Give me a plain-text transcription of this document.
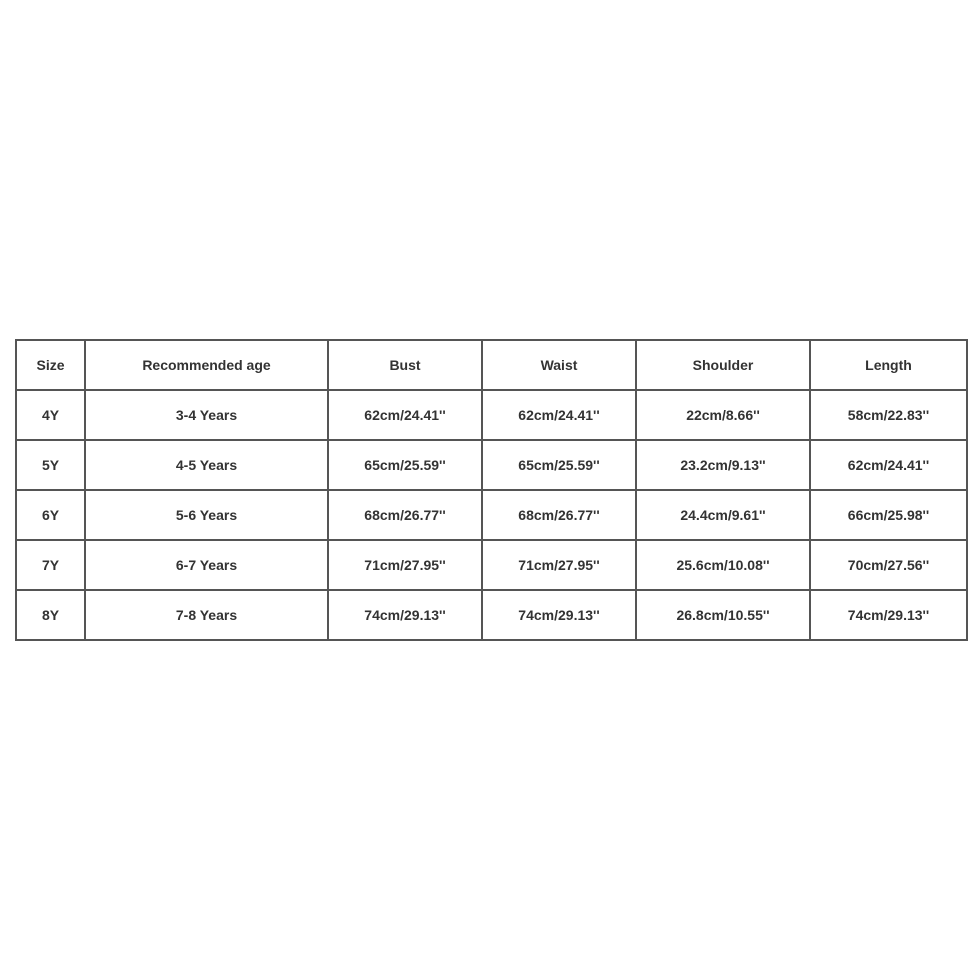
Size	Recommended age	Bust	Waist	Shoulder	Length
4Y	3-4 Years	62cm/24.41''	62cm/24.41''	22cm/8.66''	58cm/22.83''
5Y	4-5 Years	65cm/25.59''	65cm/25.59''	23.2cm/9.13''	62cm/24.41''
6Y	5-6 Years	68cm/26.77''	68cm/26.77''	24.4cm/9.61''	66cm/25.98''
7Y	6-7 Years	71cm/27.95''	71cm/27.95''	25.6cm/10.08''	70cm/27.56''
8Y	7-8 Years	74cm/29.13''	74cm/29.13''	26.8cm/10.55''	74cm/29.13''
